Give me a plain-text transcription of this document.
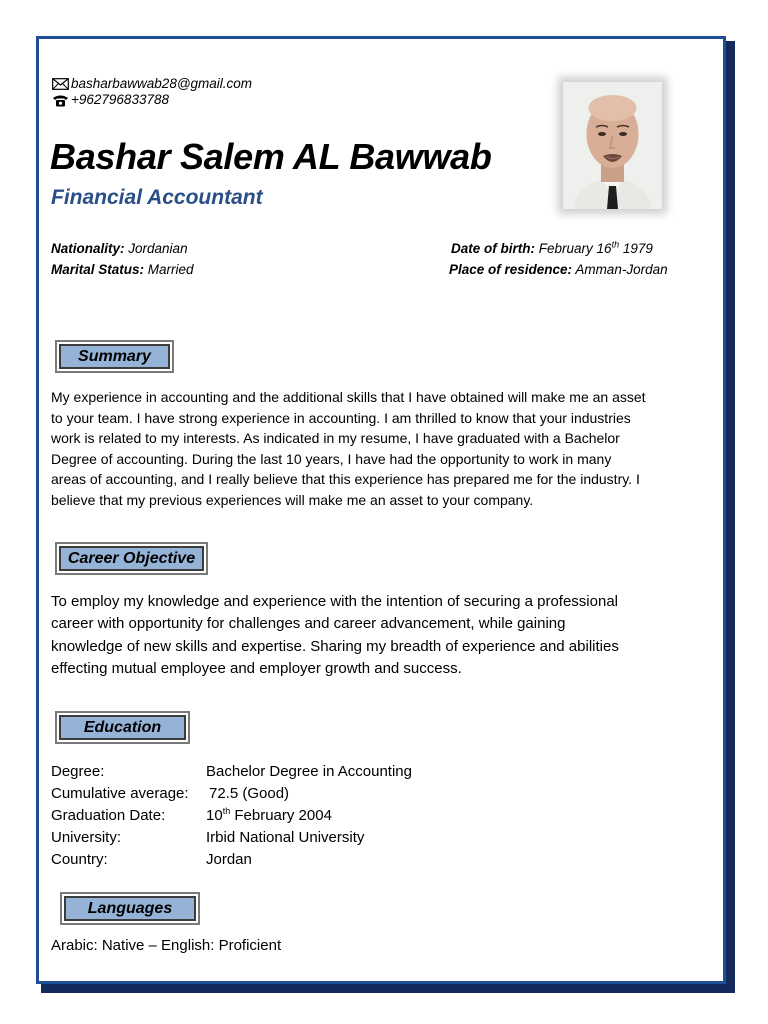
basharbawwab28@gmail.com
+962796833788
Bashar Salem AL Bawwab
Financial Accountant
Nationality: Jordanian
Marital Status: Married
Date of birth: February 16th 1979
Place of residence: Amman-Jordan
Summary
My experience in accounting and the additional skills that I have obtained will make me an asset
to your team. I have strong experience in accounting. I am thrilled to know that your industries
work is related to my interests. As indicated in my resume, I have graduated with a Bachelor
Degree of accounting. During the last 10 years, I have had the opportunity to work in many
areas of accounting, and I really believe that this experience has prepared me for the industry. I
believe that my previous experiences will make me an asset to your company.
Career Objective
To employ my knowledge and experience with the intention of securing a professional
career with opportunity for challenges and career advancement, while gaining
knowledge of new skills and expertise. Sharing my breadth of experience and abilities
effecting mutual employee and employer growth and success.
Education
Degree:	Bachelor Degree in Accounting
Cumulative average:	72.5 (Good)
Graduation Date:	10th February 2004
University:	Irbid National University
Country:	Jordan
Languages
Arabic: Native – English: Proficient
